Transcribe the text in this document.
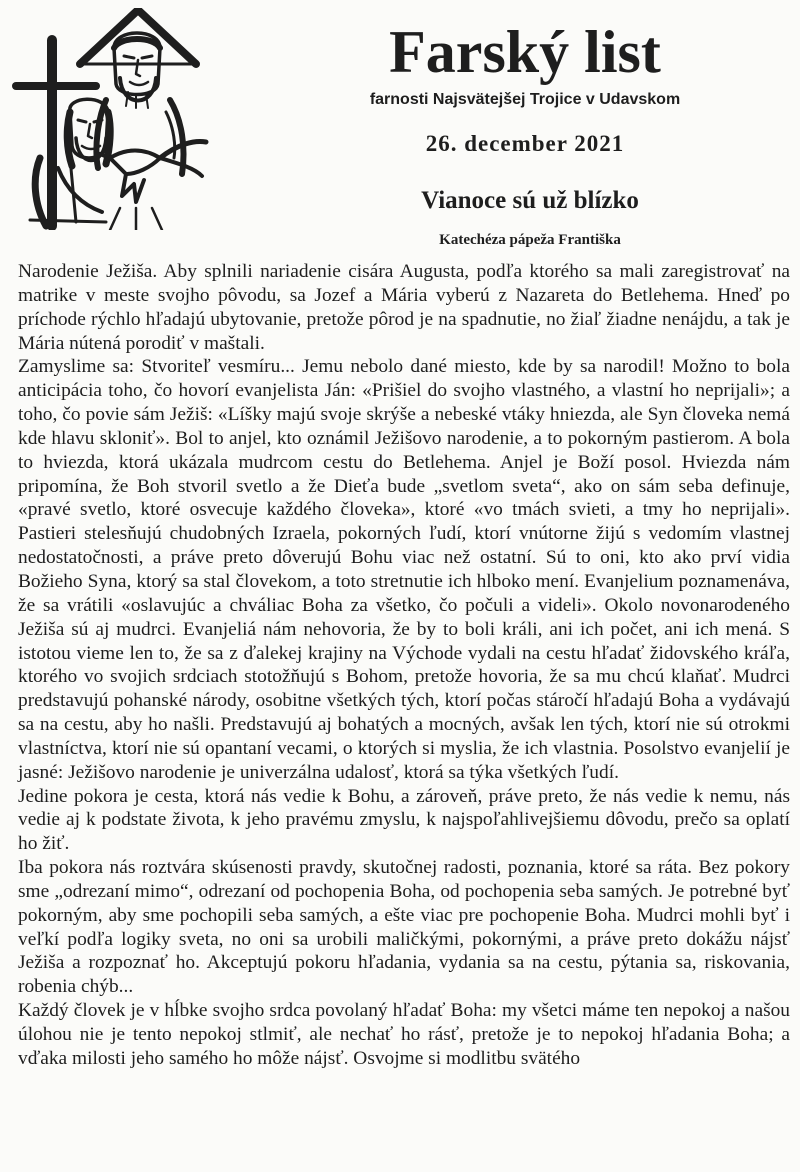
Farský list
farnosti Najsvätejšej Trojice v Udavskom
26. december 2021
Vianoce sú už blízko
Katechéza pápeža Františka

Narodenie Ježiša. Aby splnili nariadenie cisára Augusta, podľa ktorého sa mali zaregistrovať na matrike v meste svojho pôvodu, sa Jozef a Mária vyberú z Nazareta do Betlehema. Hneď po príchode rýchlo hľadajú ubytovanie, pretože pôrod je na spadnutie, no žiaľ žiadne nenájdu, a tak je Mária nútená porodiť v maštali.

Zamyslime sa: Stvoriteľ vesmíru... Jemu nebolo dané miesto, kde by sa narodil! Možno to bola anticipácia toho, čo hovorí evanjelista Ján: «Prišiel do svojho vlastného, a vlastní ho neprijali»; a toho, čo povie sám Ježiš: «Líšky majú svoje skrýše a nebeské vtáky hniezda, ale Syn človeka nemá kde hlavu skloniť». Bol to anjel, kto oznámil Ježišovo narodenie, a to pokorným pastierom. A bola to hviezda, ktorá ukázala mudrcom cestu do Betlehema. Anjel je Boží posol. Hviezda nám pripomína, že Boh stvoril svetlo a že Dieťa bude „svetlom sveta“, ako on sám seba definuje, «pravé svetlo, ktoré osvecuje každého človeka», ktoré «vo tmách svieti, a tmy ho neprijali». Pastieri stelesňujú chudobných Izraela, pokorných ľudí, ktorí vnútorne žijú s vedomím vlastnej nedostatočnosti, a práve preto dôverujú Bohu viac než ostatní. Sú to oni, kto ako prví vidia Božieho Syna, ktorý sa stal človekom, a toto stretnutie ich hlboko mení. Evanjelium poznamenáva, že sa vrátili «oslavujúc a chváliac Boha za všetko, čo počuli a videli». Okolo novonarodeného Ježiša sú aj mudrci. Evanjeliá nám nehovoria, že by to boli králi, ani ich počet, ani ich mená. S istotou vieme len to, že sa z ďalekej krajiny na Východe vydali na cestu hľadať židovského kráľa, ktorého vo svojich srdciach stotožňujú s Bohom, pretože hovoria, že sa mu chcú klaňať. Mudrci predstavujú pohanské národy, osobitne všetkých tých, ktorí počas stáročí hľadajú Boha a vydávajú sa na cestu, aby ho našli. Predstavujú aj bohatých a mocných, avšak len tých, ktorí nie sú otrokmi vlastníctva, ktorí nie sú opantaní vecami, o ktorých si myslia, že ich vlastnia. Posolstvo evanjelií je jasné: Ježišovo narodenie je univerzálna udalosť, ktorá sa týka všetkých ľudí.

Jedine pokora je cesta, ktorá nás vedie k Bohu, a zároveň, práve preto, že nás vedie k nemu, nás vedie aj k podstate života, k jeho pravému zmyslu, k najspoľahlivejšiemu dôvodu, prečo sa oplatí ho žiť.

Iba pokora nás roztvára skúsenosti pravdy, skutočnej radosti, poznania, ktoré sa ráta. Bez pokory sme „odrezaní mimo“, odrezaní od pochopenia Boha, od pochopenia seba samých. Je potrebné byť pokorným, aby sme pochopili seba samých, a ešte viac pre pochopenie Boha. Mudrci mohli byť i veľkí podľa logiky sveta, no oni sa urobili maličkými, pokornými, a práve preto dokážu nájsť Ježiša a rozpoznať ho. Akceptujú pokoru hľadania, vydania sa na cestu, pýtania sa, riskovania, robenia chýb...

Každý človek je v hĺbke svojho srdca povolaný hľadať Boha: my všetci máme ten nepokoj a našou úlohou nie je tento nepokoj stlmiť, ale nechať ho rásť, pretože je to nepokoj hľadania Boha; a vďaka milosti jeho samého ho môže nájsť. Osvojme si modlitbu svätého
